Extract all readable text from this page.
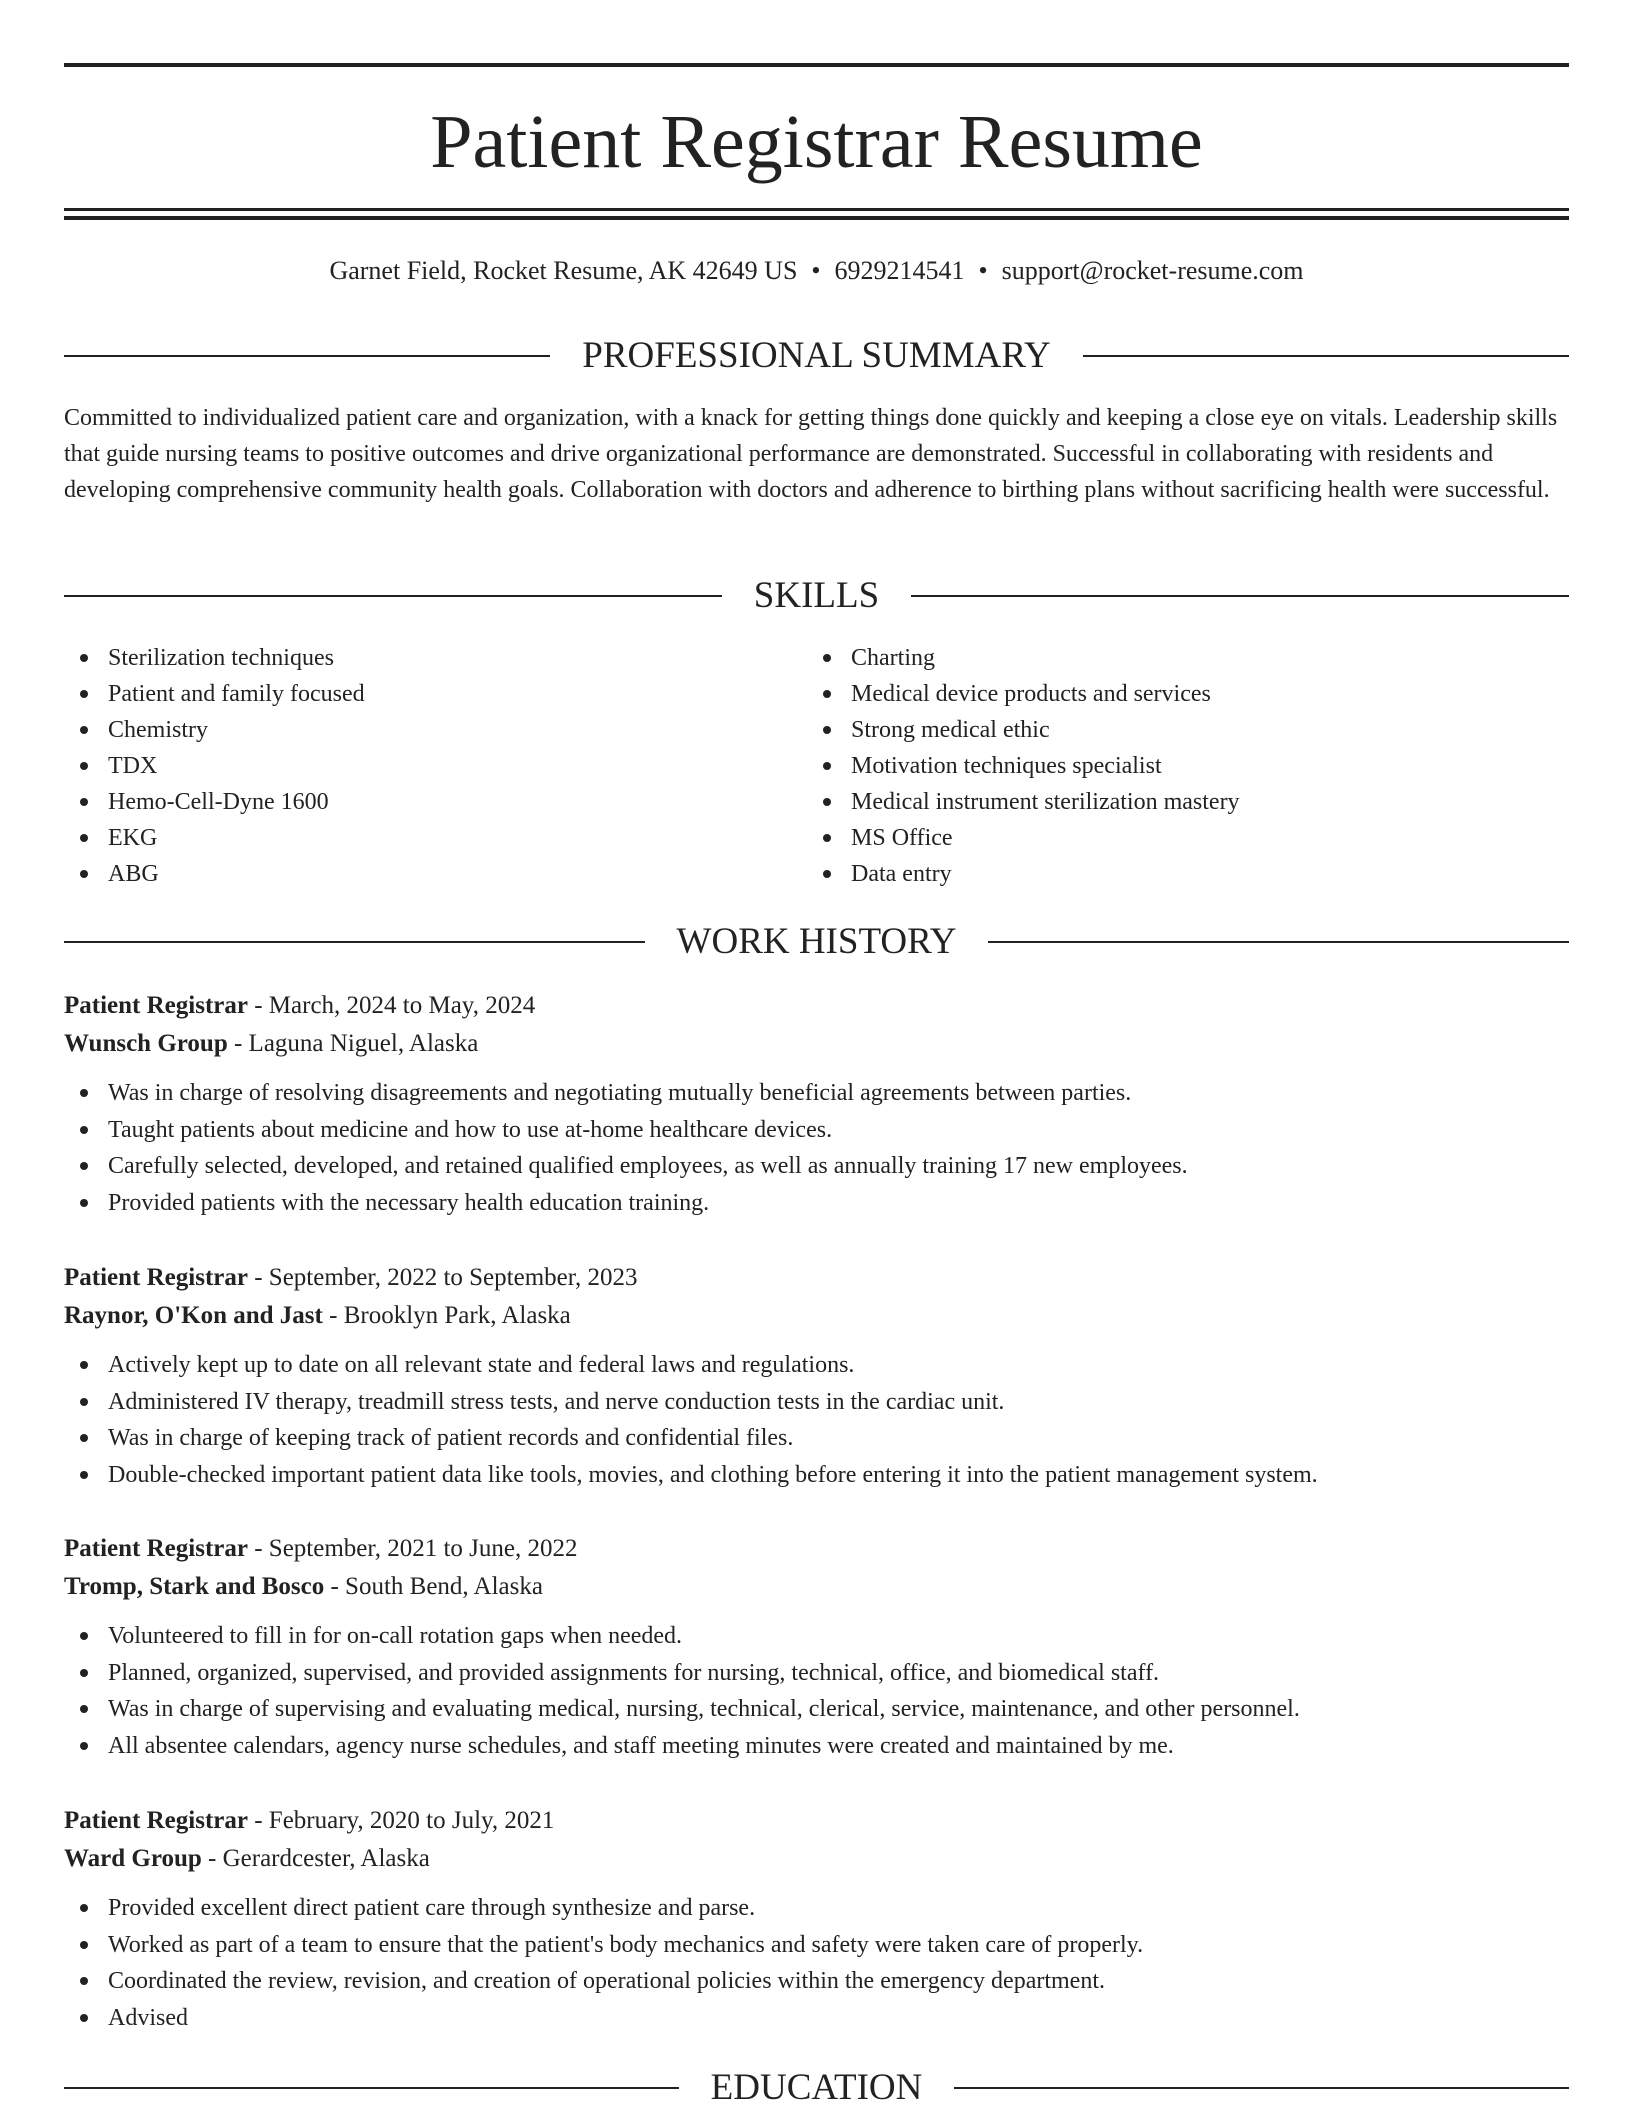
Patient Registrar Resume
Garnet Field, Rocket Resume, AK 42649 US • 6929214541 • support@rocket-resume.com
PROFESSIONAL SUMMARY

Committed to individualized patient care and organization, with a knack for getting things done quickly and keeping a close eye on vitals. Leadership skills that guide nursing teams to positive outcomes and drive organizational performance are demonstrated. Successful in collaborating with residents and developing comprehensive community health goals. Collaboration with doctors and adherence to birthing plans without sacrificing health were successful.

SKILLS
Sterilization techniques
Patient and family focused
Chemistry
TDX
Hemo-Cell-Dyne 1600
EKG
ABG
Charting
Medical device products and services
Strong medical ethic
Motivation techniques specialist
Medical instrument sterilization mastery
MS Office
Data entry
WORK HISTORY
Patient Registrar - March, 2024 to May, 2024
Wunsch Group - Laguna Niguel, Alaska
Was in charge of resolving disagreements and negotiating mutually beneficial agreements between parties.
Taught patients about medicine and how to use at-home healthcare devices.
Carefully selected, developed, and retained qualified employees, as well as annually training 17 new employees.
Provided patients with the necessary health education training.
Patient Registrar - September, 2022 to September, 2023
Raynor, O'Kon and Jast - Brooklyn Park, Alaska
Actively kept up to date on all relevant state and federal laws and regulations.
Administered IV therapy, treadmill stress tests, and nerve conduction tests in the cardiac unit.
Was in charge of keeping track of patient records and confidential files.
Double-checked important patient data like tools, movies, and clothing before entering it into the patient management system.
Patient Registrar - September, 2021 to June, 2022
Tromp, Stark and Bosco - South Bend, Alaska
Volunteered to fill in for on-call rotation gaps when needed.
Planned, organized, supervised, and provided assignments for nursing, technical, office, and biomedical staff.
Was in charge of supervising and evaluating medical, nursing, technical, clerical, service, maintenance, and other personnel.
All absentee calendars, agency nurse schedules, and staff meeting minutes were created and maintained by me.
Patient Registrar - February, 2020 to July, 2021
Ward Group - Gerardcester, Alaska
Provided excellent direct patient care through synthesize and parse.
Worked as part of a team to ensure that the patient's body mechanics and safety were taken care of properly.
Coordinated the review, revision, and creation of operational policies within the emergency department.
Advised
EDUCATION
